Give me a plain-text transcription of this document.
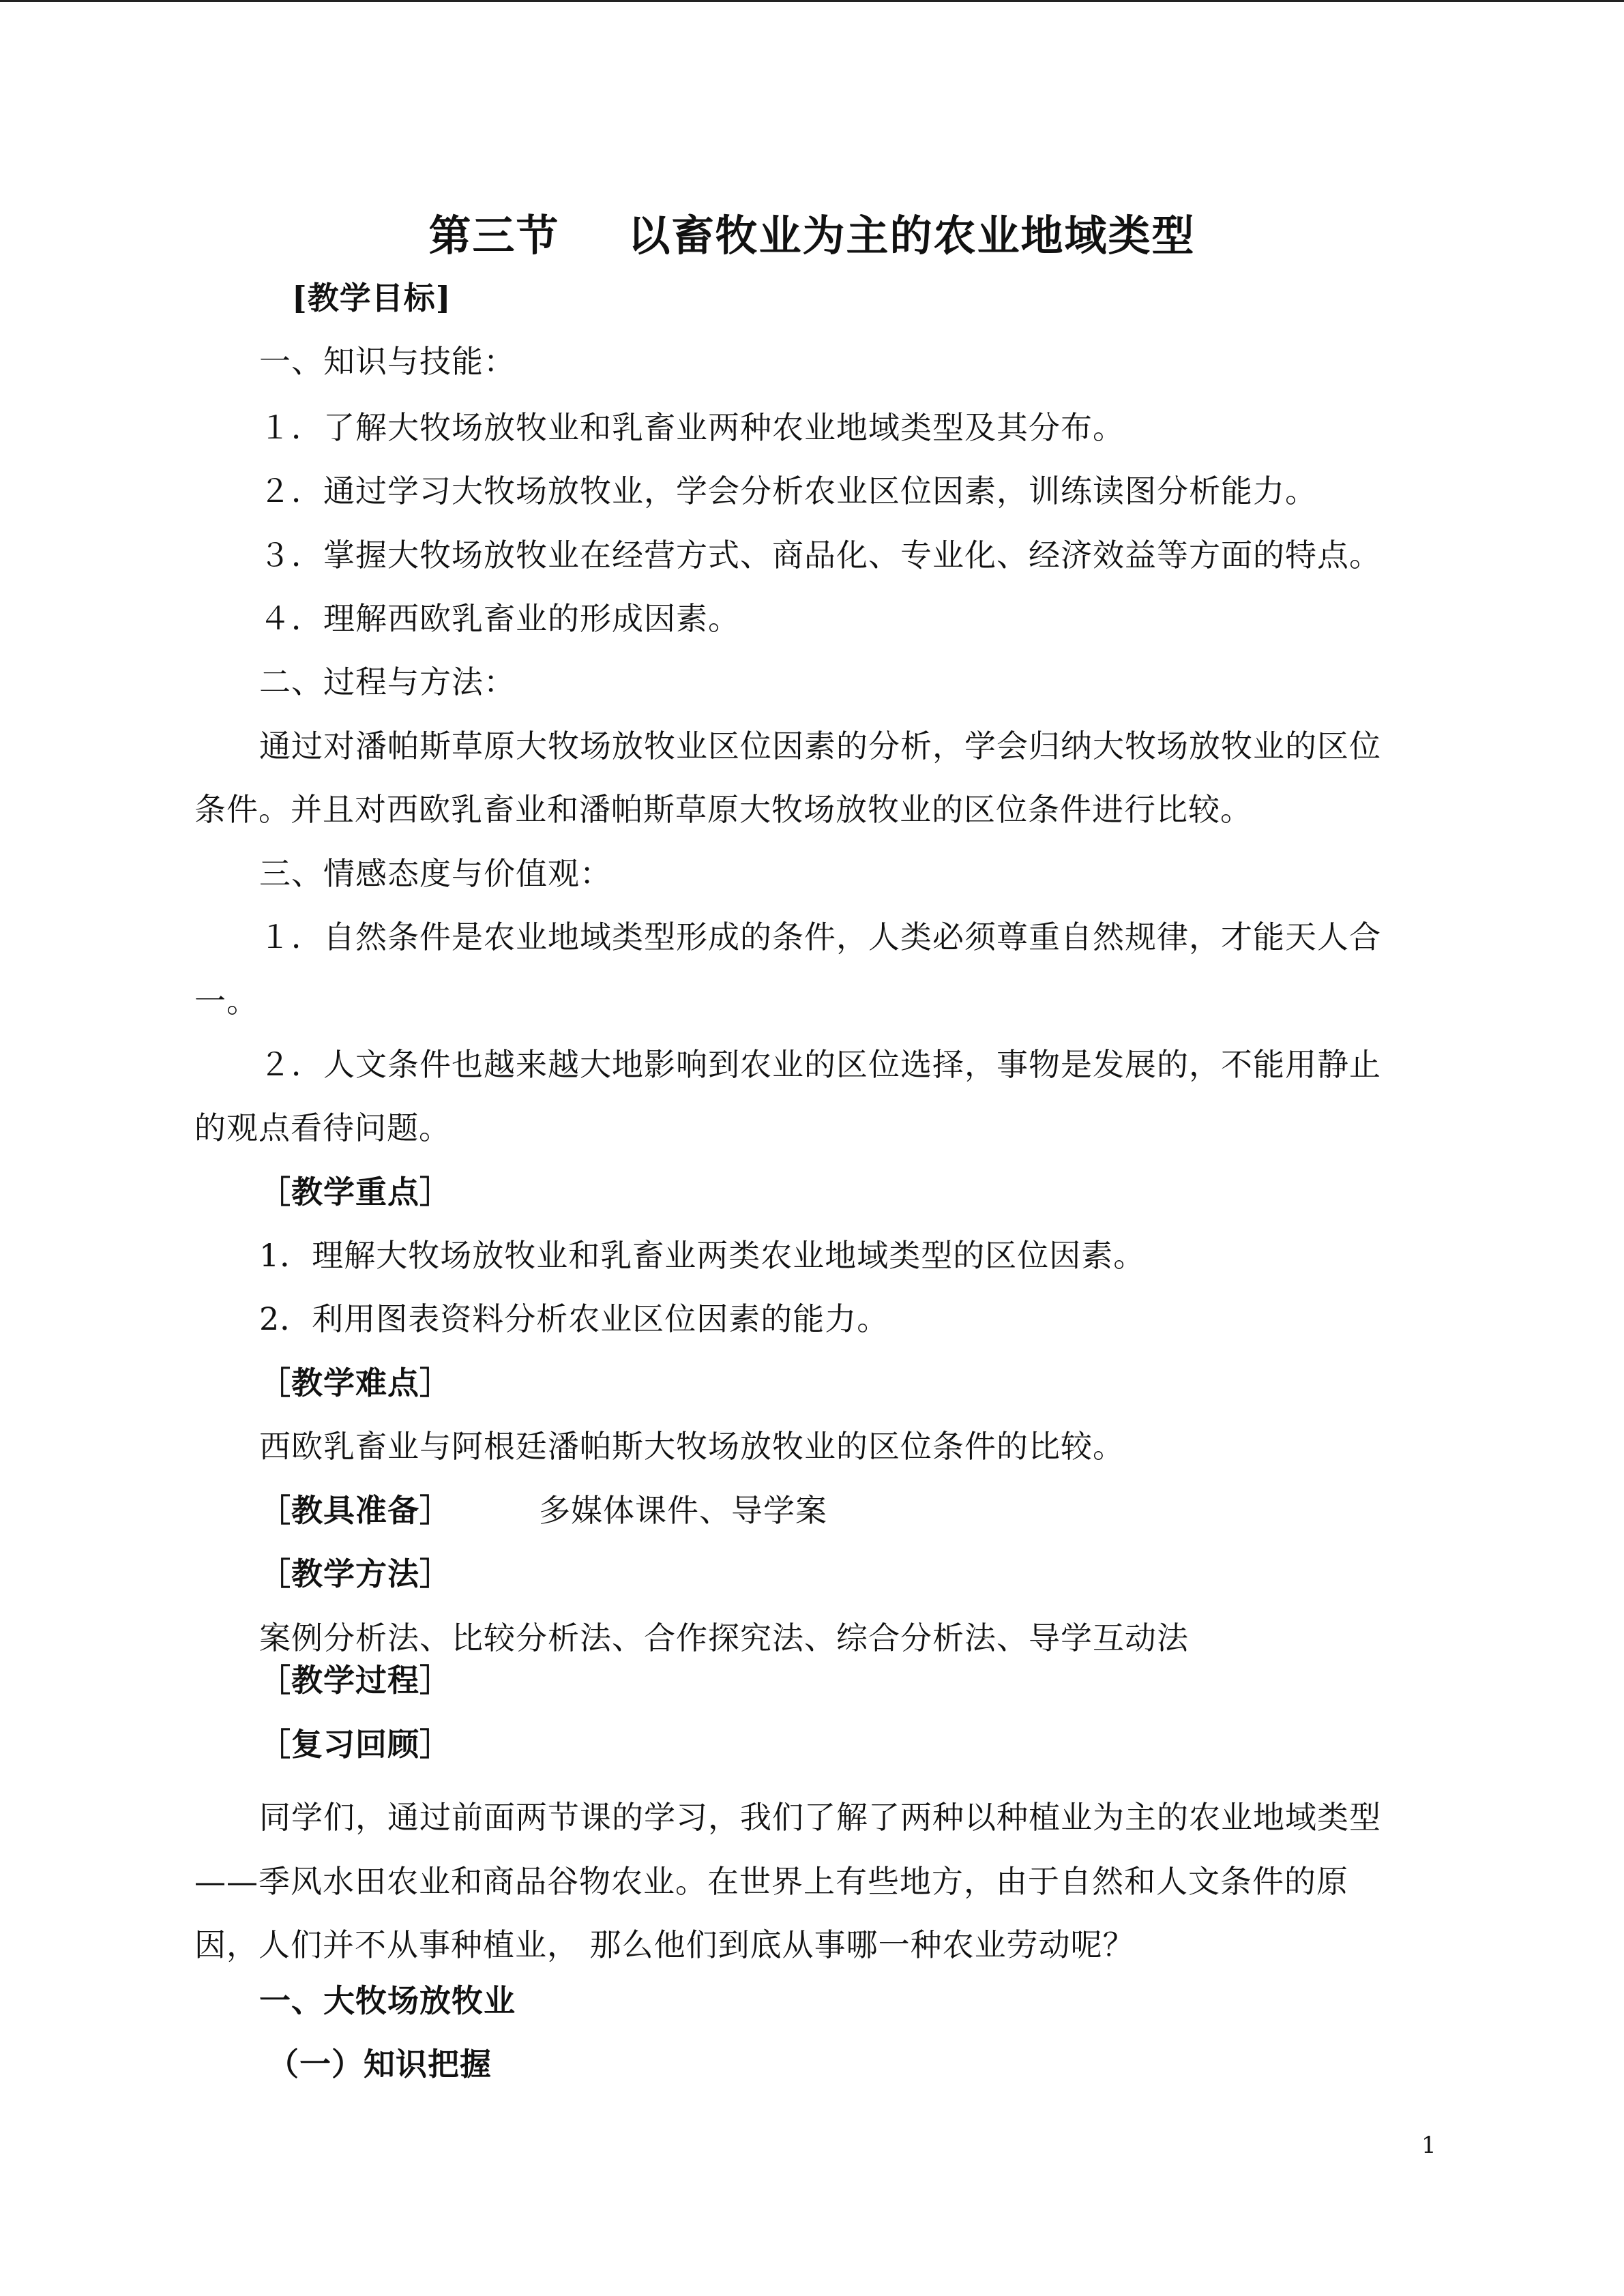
第三节 以畜牧业为主的农业地域类型
[教学目标]
一、知识与技能：
１．了解大牧场放牧业和乳畜业两种农业地域类型及其分布。
２．通过学习大牧场放牧业，学会分析农业区位因素，训练读图分析能力。
３．掌握大牧场放牧业在经营方式、商品化、专业化、经济效益等方面的特点。
４．理解西欧乳畜业的形成因素。
二、过程与方法：
通过对潘帕斯草原大牧场放牧业区位因素的分析，学会归纳大牧场放牧业的区位
条件。并且对西欧乳畜业和潘帕斯草原大牧场放牧业的区位条件进行比较。
三、情感态度与价值观：
１．自然条件是农业地域类型形成的条件，人类必须尊重自然规律，才能天人合
一。
２．人文条件也越来越大地影响到农业的区位选择，事物是发展的，不能用静止
的观点看待问题。
［教学重点］
1．理解大牧场放牧业和乳畜业两类农业地域类型的区位因素。
2．利用图表资料分析农业区位因素的能力。
［教学难点］
西欧乳畜业与阿根廷潘帕斯大牧场放牧业的区位条件的比较。
［教具准备］	多媒体课件、导学案
［教学方法］
案例分析法、比较分析法、合作探究法、综合分析法、导学互动法
［教学过程］
［复习回顾］
同学们，通过前面两节课的学习，我们了解了两种以种植业为主的农业地域类型
——季风水田农业和商品谷物农业。在世界上有些地方，由于自然和人文条件的原
因，人们并不从事种植业， 那么他们到底从事哪一种农业劳动呢？
一、大牧场放牧业
（一）知识把握
1
